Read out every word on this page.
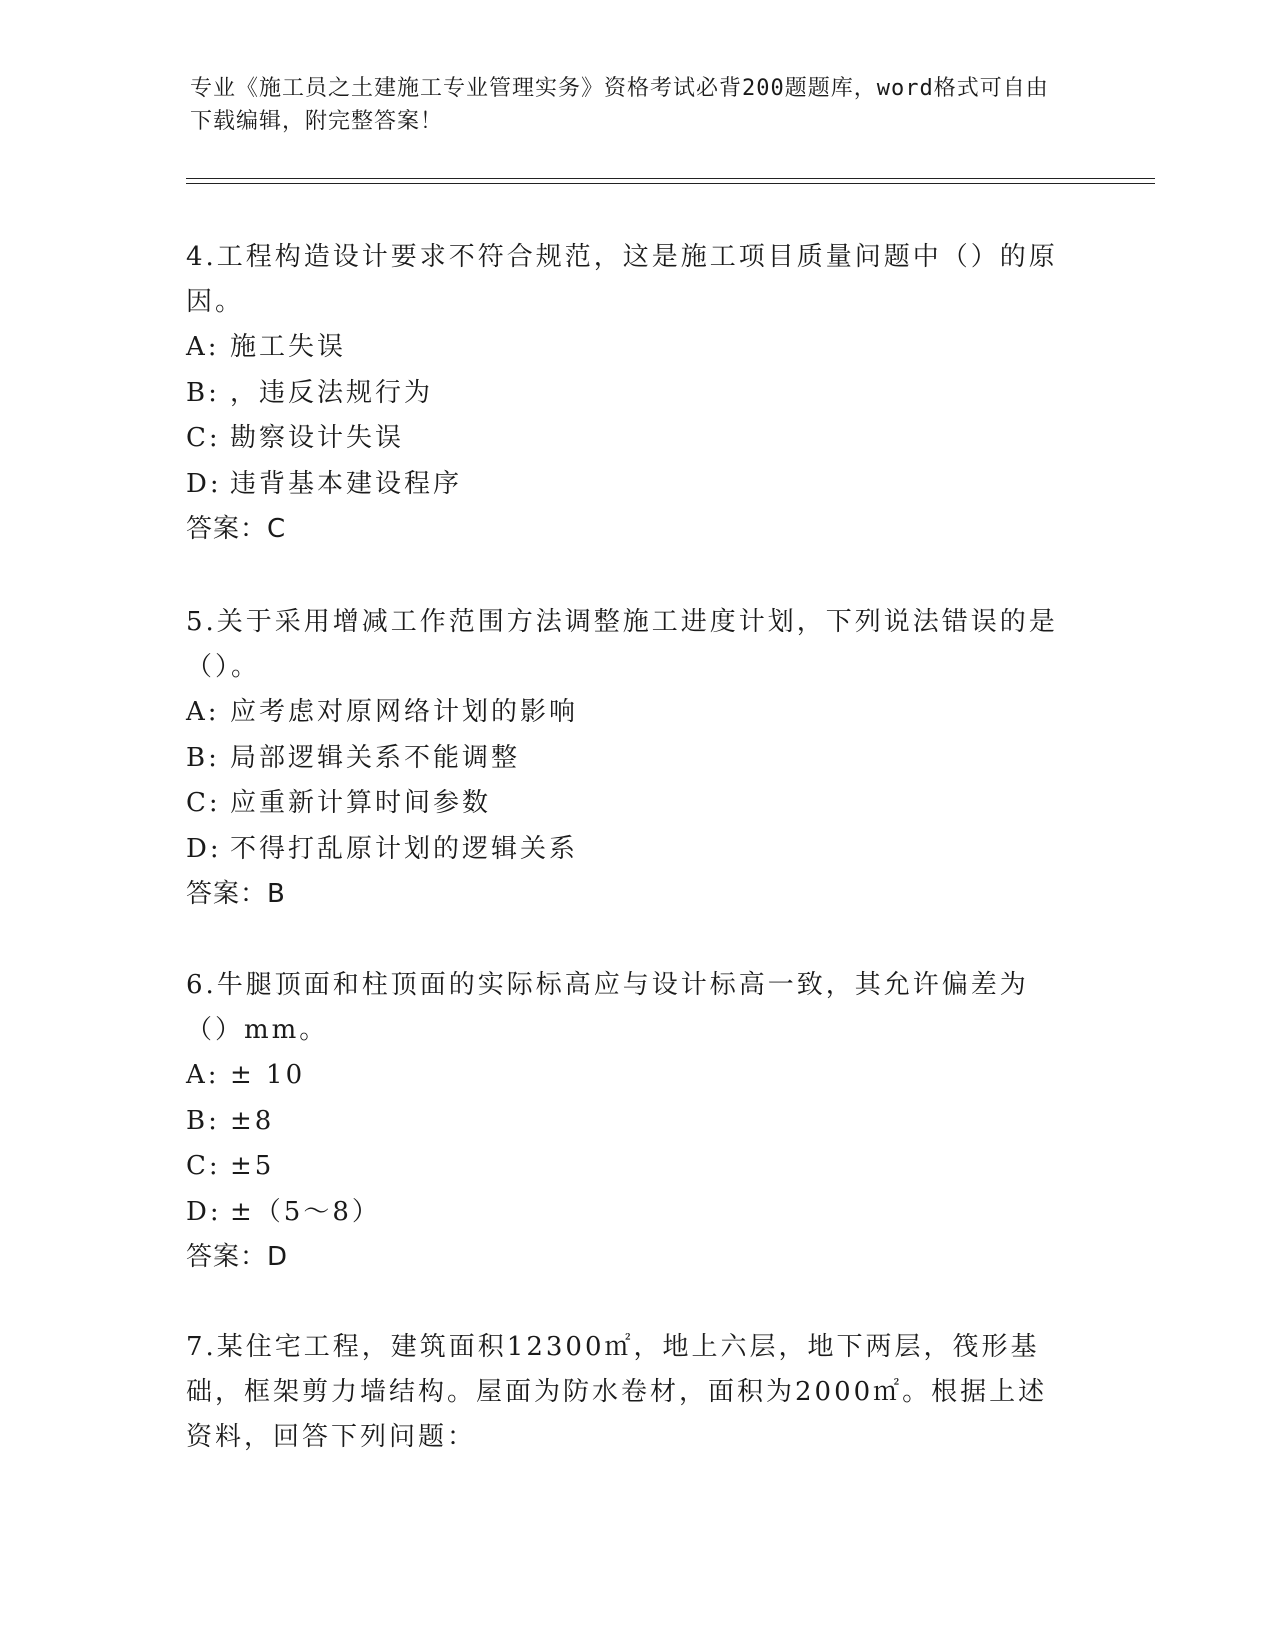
专业《施工员之土建施工专业管理实务》资格考试必背200题题库，word格式可自由下载编辑，附完整答案！

4.工程构造设计要求不符合规范，这是施工项目质量问题中（）的原因。

A: 施工失误

B: ，违反法规行为

C: 勘察设计失误

D: 违背基本建设程序

答案：C

5.关于采用增减工作范围方法调整施工进度计划，下列说法错误的是（）。

A: 应考虑对原网络计划的影响

B: 局部逻辑关系不能调整

C: 应重新计算时间参数

D: 不得打乱原计划的逻辑关系

答案：B

6.牛腿顶面和柱顶面的实际标高应与设计标高一致，其允许偏差为（）mm。

A: ± 10

B: ±8

C: ±5

D: ±（5～8）

答案：D

7.某住宅工程，建筑面积12300㎡，地上六层，地下两层，筏形基础，框架剪力墙结构。屋面为防水卷材，面积为2000㎡。根据上述资料，回答下列问题：
